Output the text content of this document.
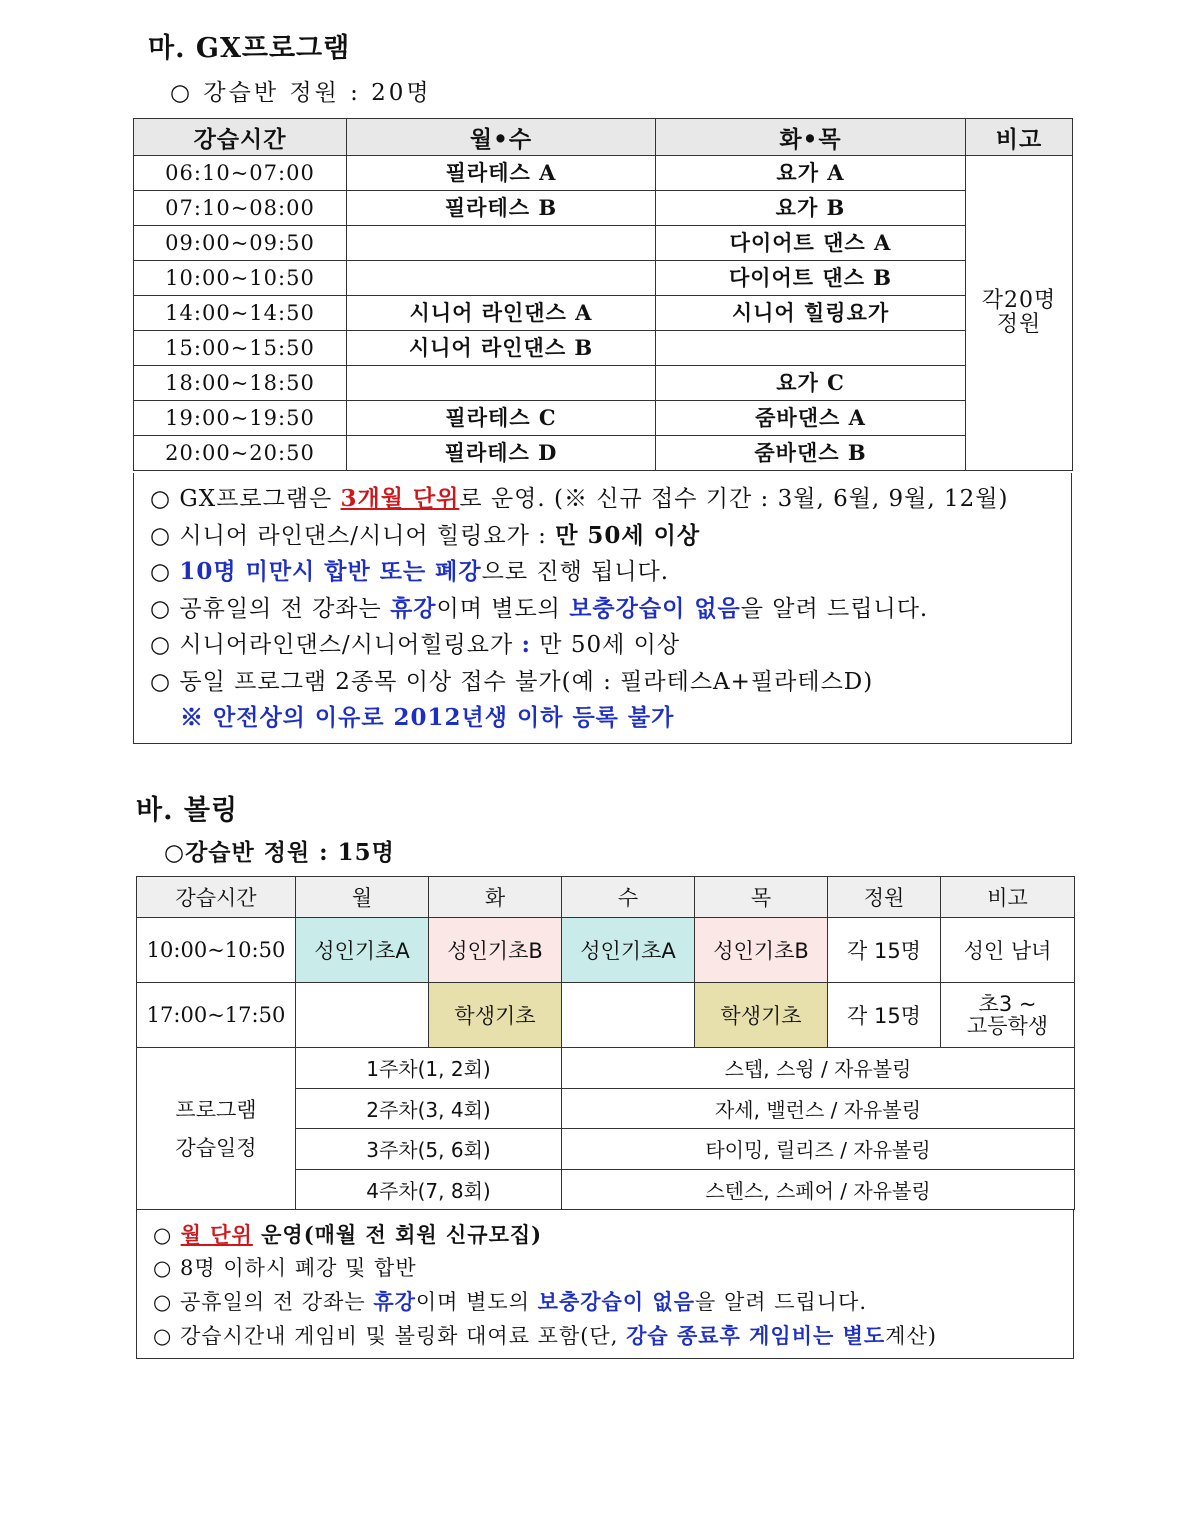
마. GX프로그램
○ 강습반 정원 : 20명
강습시간	월•수	화•목	비고
06:10~07:00	필라테스 A	요가 A	각20명
정원

07:10~08:00	필라테스 B	요가 B	
09:00~09:50		다이어트 댄스 A	
10:00~10:50		다이어트 댄스 B	
14:00~14:50	시니어 라인댄스 A	시니어 힐링요가	
15:00~15:50	시니어 라인댄스 B		
18:00~18:50		요가 C	
19:00~19:50	필라테스 C	줌바댄스 A	
20:00~20:50	필라테스 D	줌바댄스 B	
○ GX프로그램은 3개월 단위로 운영. (※ 신규 접수 기간 : 3월, 6월, 9월, 12월)
○ 시니어 라인댄스/시니어 힐링요가 : 만 50세 이상
○ 10명 미만시 합반 또는 폐강으로 진행 됩니다.
○ 공휴일의 전 강좌는 휴강이며 별도의 보충강습이 없음을 알려 드립니다.
○ 시니어라인댄스/시니어힐링요가 : 만 50세 이상
○ 동일 프로그램 2종목 이상 접수 불가(예 : 필라테스A+필라테스D)
※ 안전상의 이유로 2012년생 이하 등록 불가
바. 볼링
○강습반 정원 : 15명
강습시간	월	화	수	목	정원	비고
10:00~10:50	성인기초A	성인기초B	성인기초A	성인기초B	각 15명	성인 남녀
17:00~17:50		학생기초		학생기초	각 15명	초3 ~
고등학생

프로그램
강습일정	1주차(1, 2회)		스텝, 스윙 / 자유볼링			
	2주차(3, 4회)		자세, 밸런스 / 자유볼링			
	3주차(5, 6회)		타이밍, 릴리즈 / 자유볼링			
	4주차(7, 8회)		스텐스, 스페어 / 자유볼링			
○ 월 단위 운영(매월 전 회원 신규모집)
○ 8명 이하시 폐강 및 합반
○ 공휴일의 전 강좌는 휴강이며 별도의 보충강습이 없음을 알려 드립니다.
○ 강습시간내 게임비 및 볼링화 대여료 포함(단, 강습 종료후 게임비는 별도계산)
